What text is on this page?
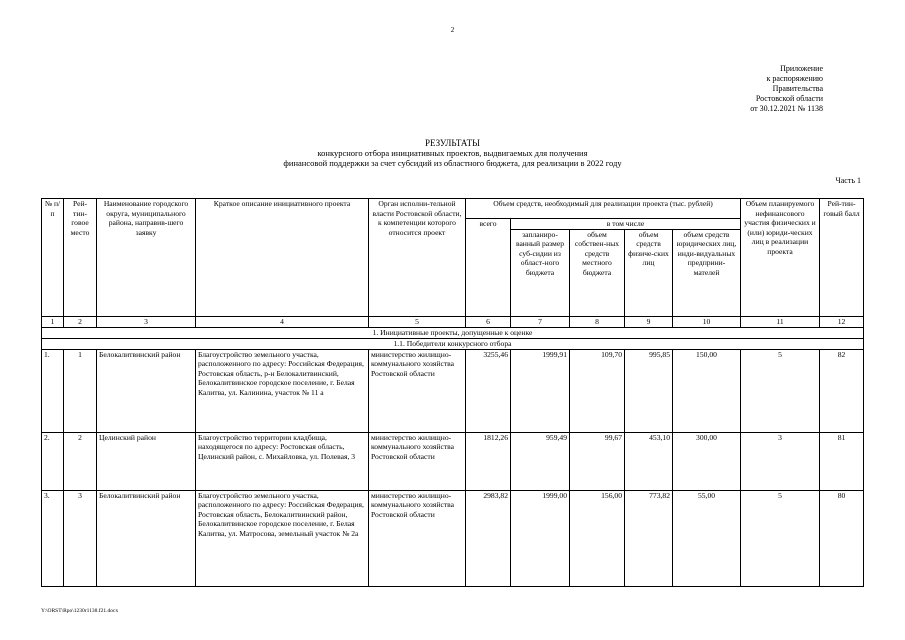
2
Приложение
к распоряжению
Правительства
Ростовской области
от 30.12.2021 № 1138
РЕЗУЛЬТАТЫ
конкурсного отбора инициативных проектов, выдвигаемых для получения
финансовой поддержки за счет субсидий из областного бюджета, для реализации в 2022 году
Часть 1
№ п/п	Рей-тин-говое место	Наименование городского округа, муниципального района, направив-шего заявку	Краткое описание инициативного проекта	Орган исполни-тельной власти Ростовской области, к компетенции которого относится проект	Объем средств, необходимый для реализации проекта (тыс. рублей)					Объем планируемого нефинансового участия физических и (или) юриди-ческих лиц в реализации проекта	Рей-тин-говый балл
					всего	в том числе					
						запланиро-ванный размер суб-сидии из област-ного бюджета	объем собствен-ных средств местного бюджета	объем средств физиче-ских лиц	объем средств юридических лиц, инди-видуальных предприни-мателей		
1	2	3	4	5	6	7	8	9	10	11	12
1. Инициативные проекты, допущенные к оценке											
1.1. Победители конкурсного отбора											
1.	1	Белокалитвинский район	Благоустройство земельного участка, расположенного по адресу: Российская Федерация, Ростовская область, р-н Белокалитвинский, Белокалитвинское городское поселение, г. Белая Калитва, ул. Калинина, участок № 11 а	министерство жилищно-коммунального хозяйства Ростовской области	3255,46	1999,91	109,70	995,85	150,00	5	82
2.	2	Целинский район	Благоустройство территории кладбища, находящегося по адресу: Ростовская область, Целинский район, с. Михайловка, ул. Полевая, 3	министерство жилищно-коммунального хозяйства Ростовской области	1812,26	959,49	99,67	453,10	300,00	3	81
3.	3	Белокалитвинский район	Благоустройство земельного участка, расположенного по адресу: Российская Федерация, Ростовская область, Белокалитвинский район, Белокалитвинское городское поселение, г. Белая Калитва, ул. Матросова, земельный участок № 2а	министерство жилищно-коммунального хозяйства Ростовской области	2983,82	1999,00	156,00	773,82	55,00	5	80
Y:\ORST\Rpo\1230r1138.f21.docx
